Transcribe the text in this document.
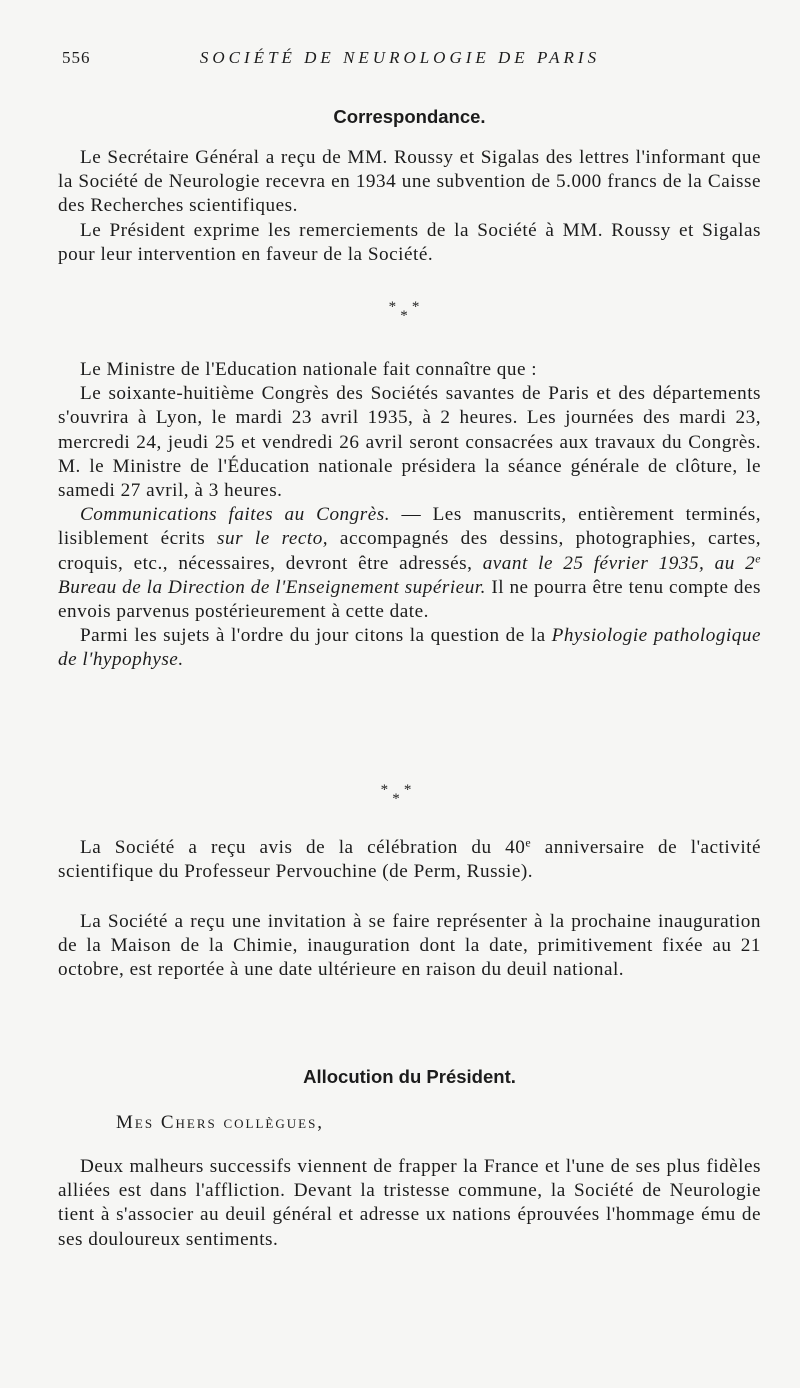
556	SOCIÉTÉ DE NEUROLOGIE DE PARIS
Correspondance.

Le Secrétaire Général a reçu de MM. Roussy et Sigalas des lettres l'informant que la Société de Neurologie recevra en 1934 une subvention de 5.000 francs de la Caisse des Recherches scientifiques.

Le Président exprime les remerciements de la Société à MM. Roussy et Sigalas pour leur intervention en faveur de la Société.

* * *

Le Ministre de l'Education nationale fait connaître que :

Le soixante-huitième Congrès des Sociétés savantes de Paris et des départements s'ouvrira à Lyon, le mardi 23 avril 1935, à 2 heures. Les journées des mardi 23, mercredi 24, jeudi 25 et vendredi 26 avril seront consacrées aux travaux du Congrès. M. le Ministre de l'Éducation nationale présidera la séance générale de clôture, le samedi 27 avril, à 3 heures.

Communications faites au Congrès. — Les manuscrits, entièrement terminés, lisiblement écrits sur le recto, accompagnés des dessins, photographies, cartes, croquis, etc., nécessaires, devront être adressés, avant le 25 février 1935, au 2e Bureau de la Direction de l'Enseignement supérieur. Il ne pourra être tenu compte des envois parvenus postérieurement à cette date.

Parmi les sujets à l'ordre du jour citons la question de la Physiologie pathologique de l'hypophyse.

* * *

La Société a reçu avis de la célébration du 40e anniversaire de l'activité scientifique du Professeur Pervouchine (de Perm, Russie).

La Société a reçu une invitation à se faire représenter à la prochaine inauguration de la Maison de la Chimie, inauguration dont la date, primitivement fixée au 21 octobre, est reportée à une date ultérieure en raison du deuil national.

Allocution du Président.
Mes Chers collègues,

Deux malheurs successifs viennent de frapper la France et l'une de ses plus fidèles alliées est dans l'affliction. Devant la tristesse commune, la Société de Neurologie tient à s'associer au deuil général et adresse ux nations éprouvées l'hommage ému de ses douloureux sentiments.
